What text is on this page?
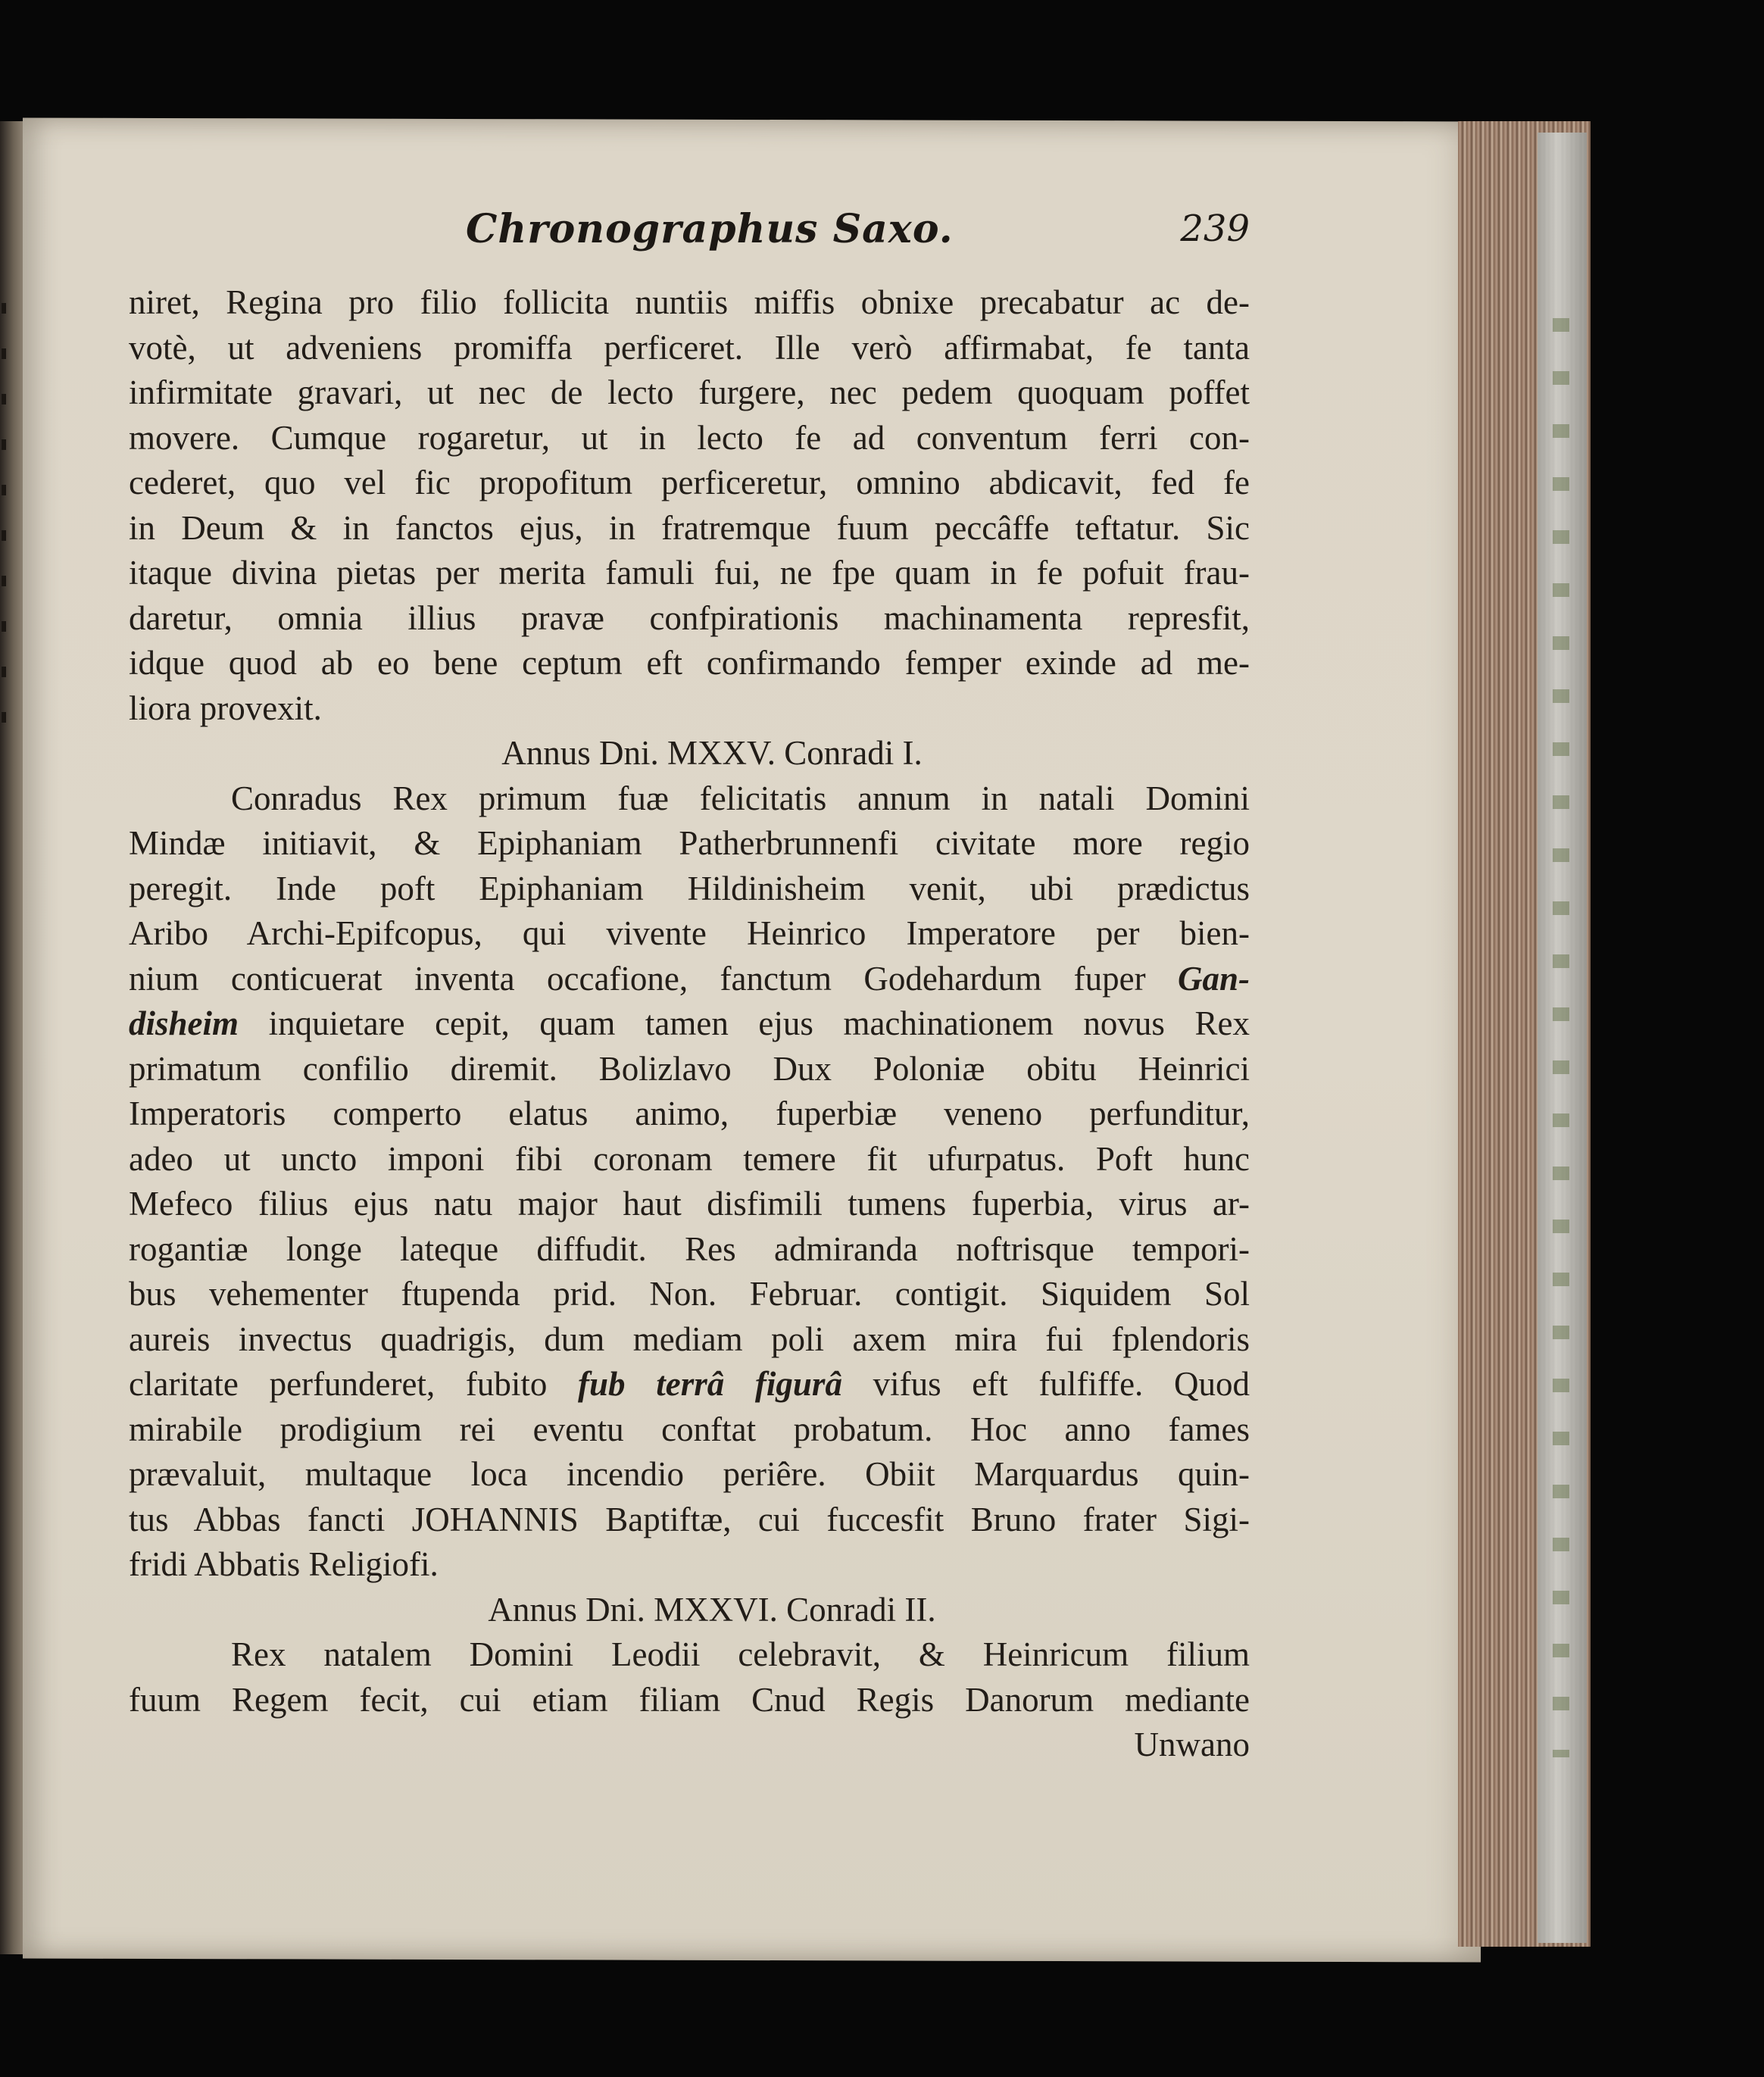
Chronographus Saxo.	239
niret, Regina pro filio follicita nuntiis miffis obnixe precabatur ac de-
votè, ut adveniens promiffa perficeret. Ille verò affirmabat, fe tanta
infirmitate gravari, ut nec de lecto furgere, nec pedem quoquam poffet
movere. Cumque rogaretur, ut in lecto fe ad conventum ferri con-
cederet, quo vel fic propofitum perficeretur, omnino abdicavit, fed fe
in Deum & in fanctos ejus, in fratremque fuum peccâffe teftatur. Sic
itaque divina pietas per merita famuli fui, ne fpe quam in fe pofuit frau-
daretur, omnia illius pravæ confpirationis machinamenta represfit,
idque quod ab eo bene ceptum eft confirmando femper exinde ad me-
liora provexit.
Annus Dni. MXXV. Conradi I.
Conradus Rex primum fuæ felicitatis annum in natali Domini
Mindæ initiavit, & Epiphaniam Patherbrunnenfi civitate more regio
peregit. Inde poft Epiphaniam Hildinisheim venit, ubi prædictus
Aribo Archi-Epifcopus, qui vivente Heinrico Imperatore per bien-
nium conticuerat inventa occafione, fanctum Godehardum fuper Gan-
disheim inquietare cepit, quam tamen ejus machinationem novus Rex
primatum confilio diremit. Bolizlavo Dux Poloniæ obitu Heinrici
Imperatoris comperto elatus animo, fuperbiæ veneno perfunditur,
adeo ut uncto imponi fibi coronam temere fit ufurpatus. Poft hunc
Mefeco filius ejus natu major haut disfimili tumens fuperbia, virus ar-
rogantiæ longe lateque diffudit. Res admiranda noftrisque tempori-
bus vehementer ftupenda prid. Non. Februar. contigit. Siquidem Sol
aureis invectus quadrigis, dum mediam poli axem mira fui fplendoris
claritate perfunderet, fubito fub terrâ figurâ vifus eft fulfiffe. Quod
mirabile prodigium rei eventu conftat probatum. Hoc anno fames
prævaluit, multaque loca incendio periêre. Obiit Marquardus quin-
tus Abbas fancti JOHANNIS Baptiftæ, cui fuccesfit Bruno frater Sigi-
fridi Abbatis Religiofi.
Annus Dni. MXXVI. Conradi II.
Rex natalem Domini Leodii celebravit, & Heinricum filium
fuum Regem fecit, cui etiam filiam Cnud Regis Danorum mediante
Unwano
